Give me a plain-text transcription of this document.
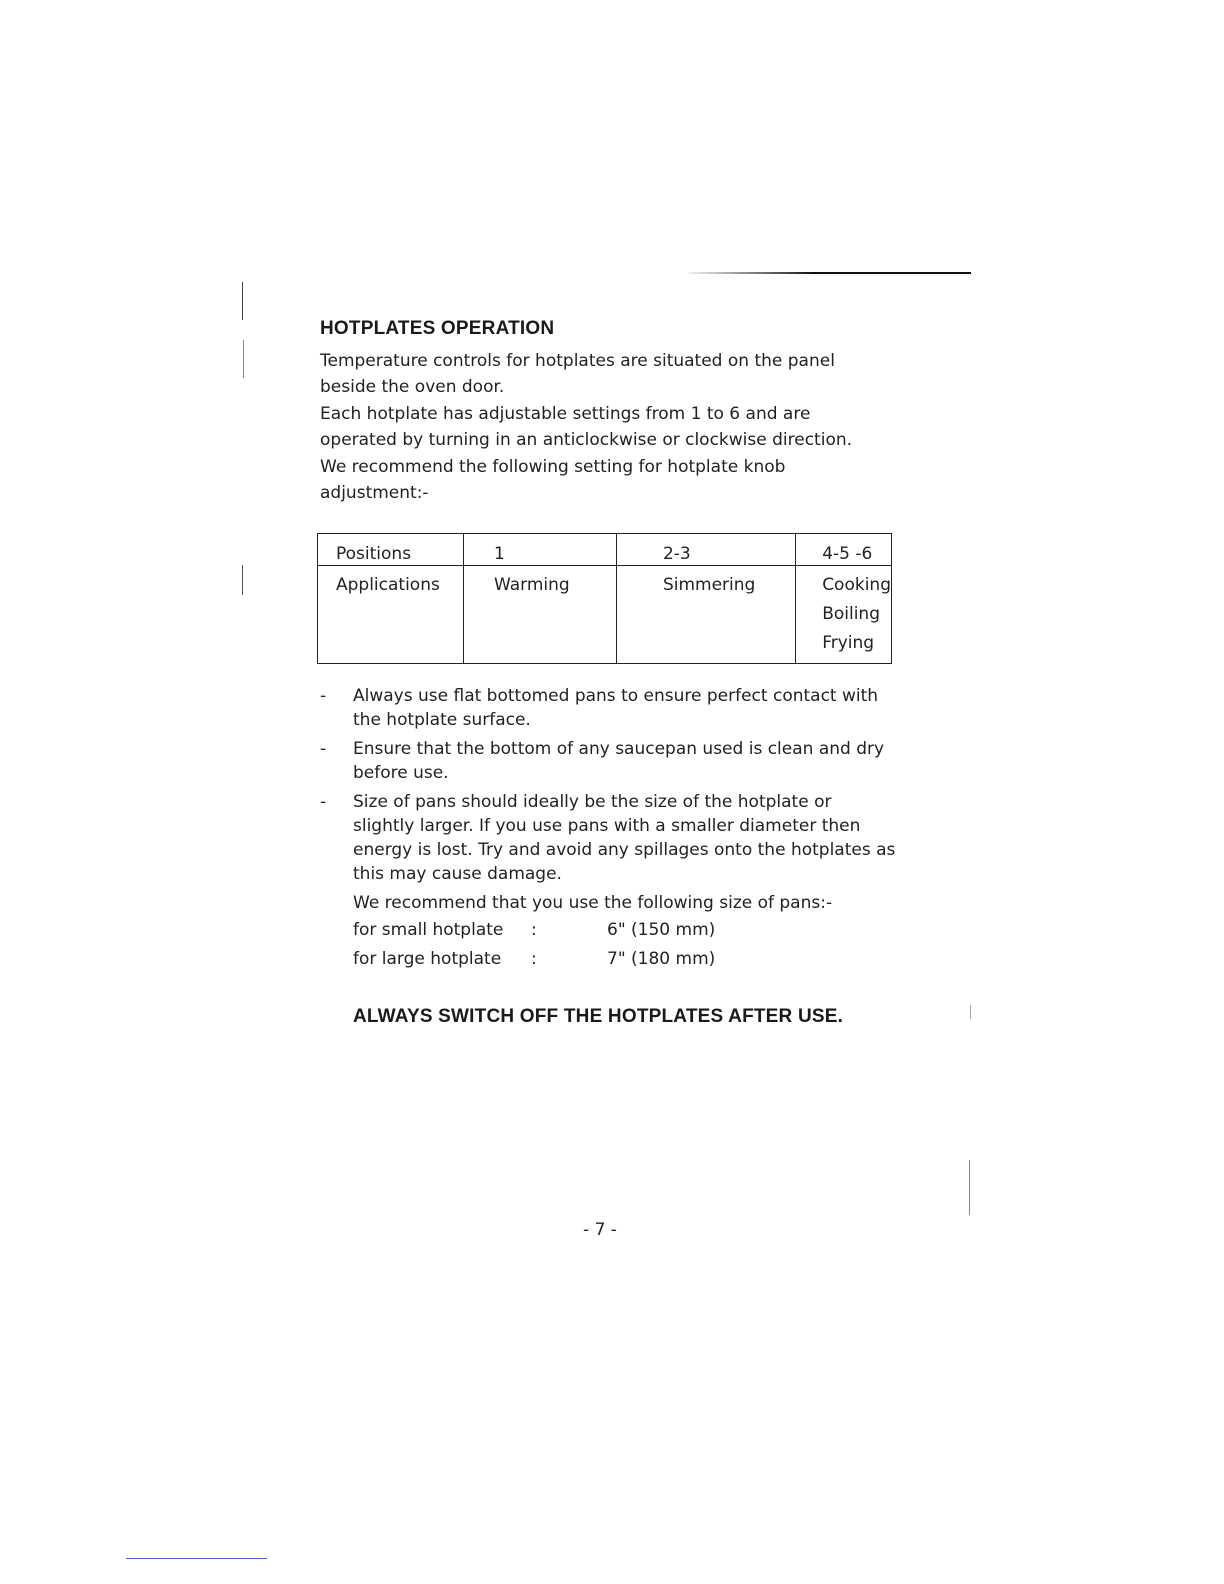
HOTPLATES OPERATION

Temperature controls for hotplates are situated on the panel beside the oven door.

Each hotplate has adjustable settings from 1 to 6 and are operated by turning in an anticlockwise or clockwise direction.

We recommend the following setting for hotplate knob adjustment:-

Positions	1	2-3	4-5 -6
Applications	Warming	Simmering	Cooking
Boiling
Frying
- Always use flat bottomed pans to ensure perfect contact with the hotplate surface.
- Ensure that the bottom of any saucepan used is clean and dry before use.
- Size of pans should ideally be the size of the hotplate or slightly larger. If you use pans with a smaller diameter then energy is lost. Try and avoid any spillages onto the hotplates as this may cause damage.

We recommend that you use the following size of pans:-

for small hotplate :	6" (150 mm)
for large hotplate :	7" (180 mm)

ALWAYS SWITCH OFF THE HOTPLATES AFTER USE.

- 7 -
